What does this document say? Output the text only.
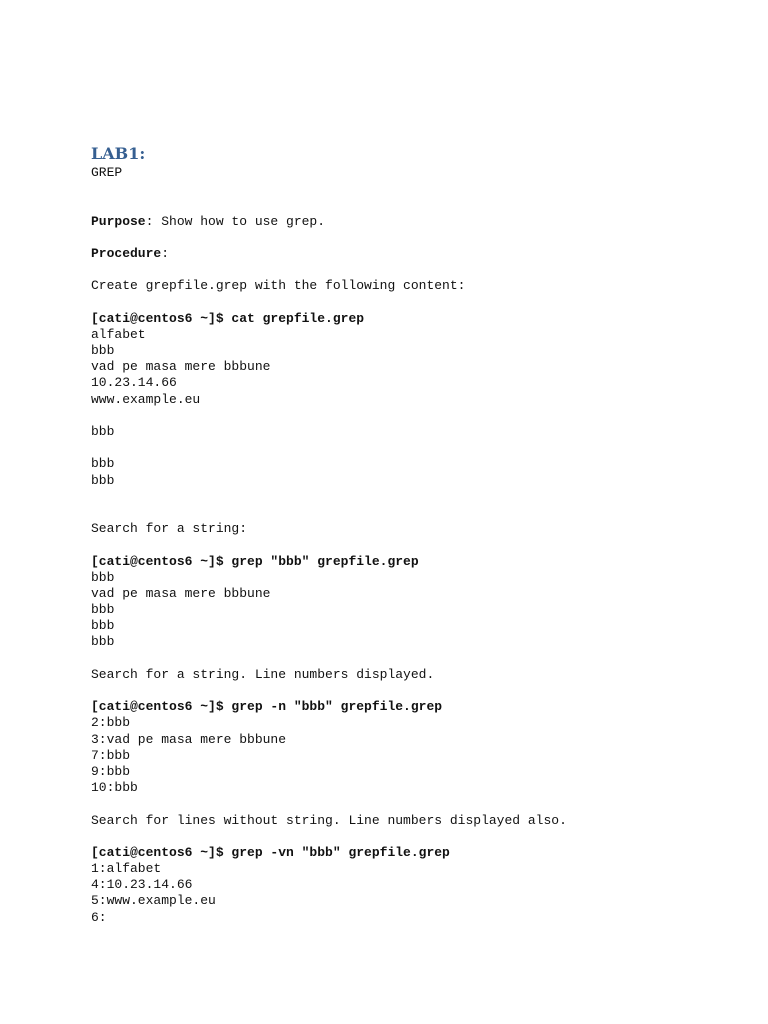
LAB1:
GREP
Purpose: Show how to use grep.
Procedure:
Create grepfile.grep with the following content:
[cati@centos6 ~]$ cat grepfile.grep
alfabet
bbb
vad pe masa mere bbbune
10.23.14.66
www.example.eu
bbb
bbb
bbb
Search for a string:
[cati@centos6 ~]$ grep "bbb" grepfile.grep
bbb
vad pe masa mere bbbune
bbb
bbb
bbb
Search for a string. Line numbers displayed.
[cati@centos6 ~]$ grep -n "bbb" grepfile.grep
2:bbb
3:vad pe masa mere bbbune
7:bbb
9:bbb
10:bbb
Search for lines without string. Line numbers displayed also.
[cati@centos6 ~]$ grep -vn "bbb" grepfile.grep
1:alfabet
4:10.23.14.66
5:www.example.eu
6:
